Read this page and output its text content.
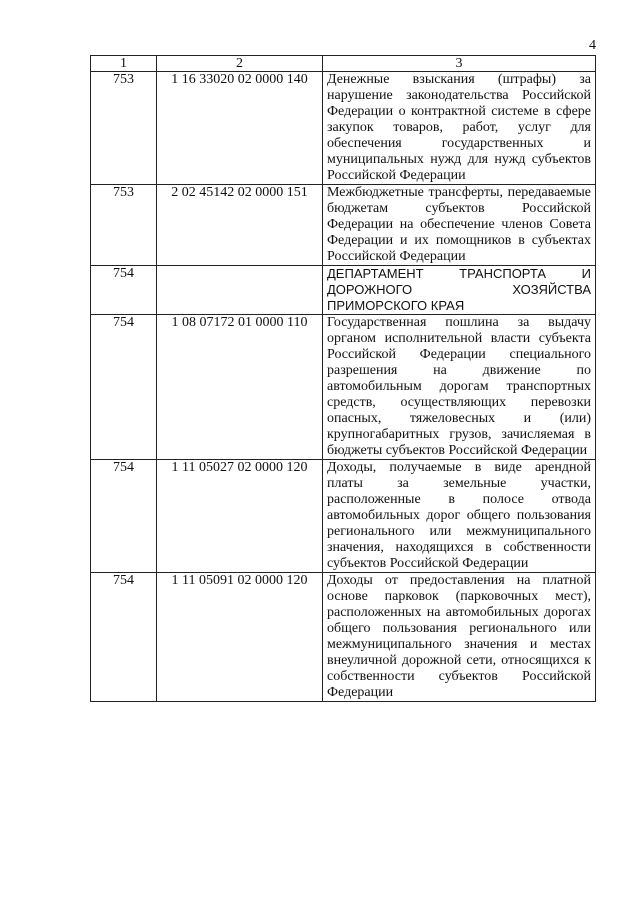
4
1	2	3
753	1 16 33020 02 0000 140	Денежные взыскания (штрафы) за нарушение законодательства Российской Федерации о контрактной системе в сфере закупок товаров, работ, услуг для обеспечения государственных и муниципальных нужд для нужд субъектов Российской Федерации
753	2 02 45142 02 0000 151	Межбюджетные трансферты, передаваемые бюджетам субъектов Российской Федерации на обеспечение членов Совета Федерации и их помощников в субъектах Российской Федерации
754		ДЕПАРТАМЕНТ ТРАНСПОРТА И ДОРОЖНОГО ХОЗЯЙСТВА ПРИМОРСКОГО КРАЯ
754	1 08 07172 01 0000 110	Государственная пошлина за выдачу органом исполнительной власти субъекта Российской Федерации специального разрешения на движение по автомобильным дорогам транспортных средств, осуществляющих перевозки опасных, тяжеловесных и (или) крупногабаритных грузов, зачисляемая в бюджеты субъектов Российской Федерации
754	1 11 05027 02 0000 120	Доходы, получаемые в виде арендной платы за земельные участки, расположенные в полосе отвода автомобильных дорог общего пользования регионального или межмуниципального значения, находящихся в собственности субъектов Российской Федерации
754	1 11 05091 02 0000 120	Доходы от предоставления на платной основе парковок (парковочных мест), расположенных на автомобильных дорогах общего пользования регионального или межмуниципального значения и местах внеуличной дорожной сети, относящихся к собственности субъектов Российской Федерации
